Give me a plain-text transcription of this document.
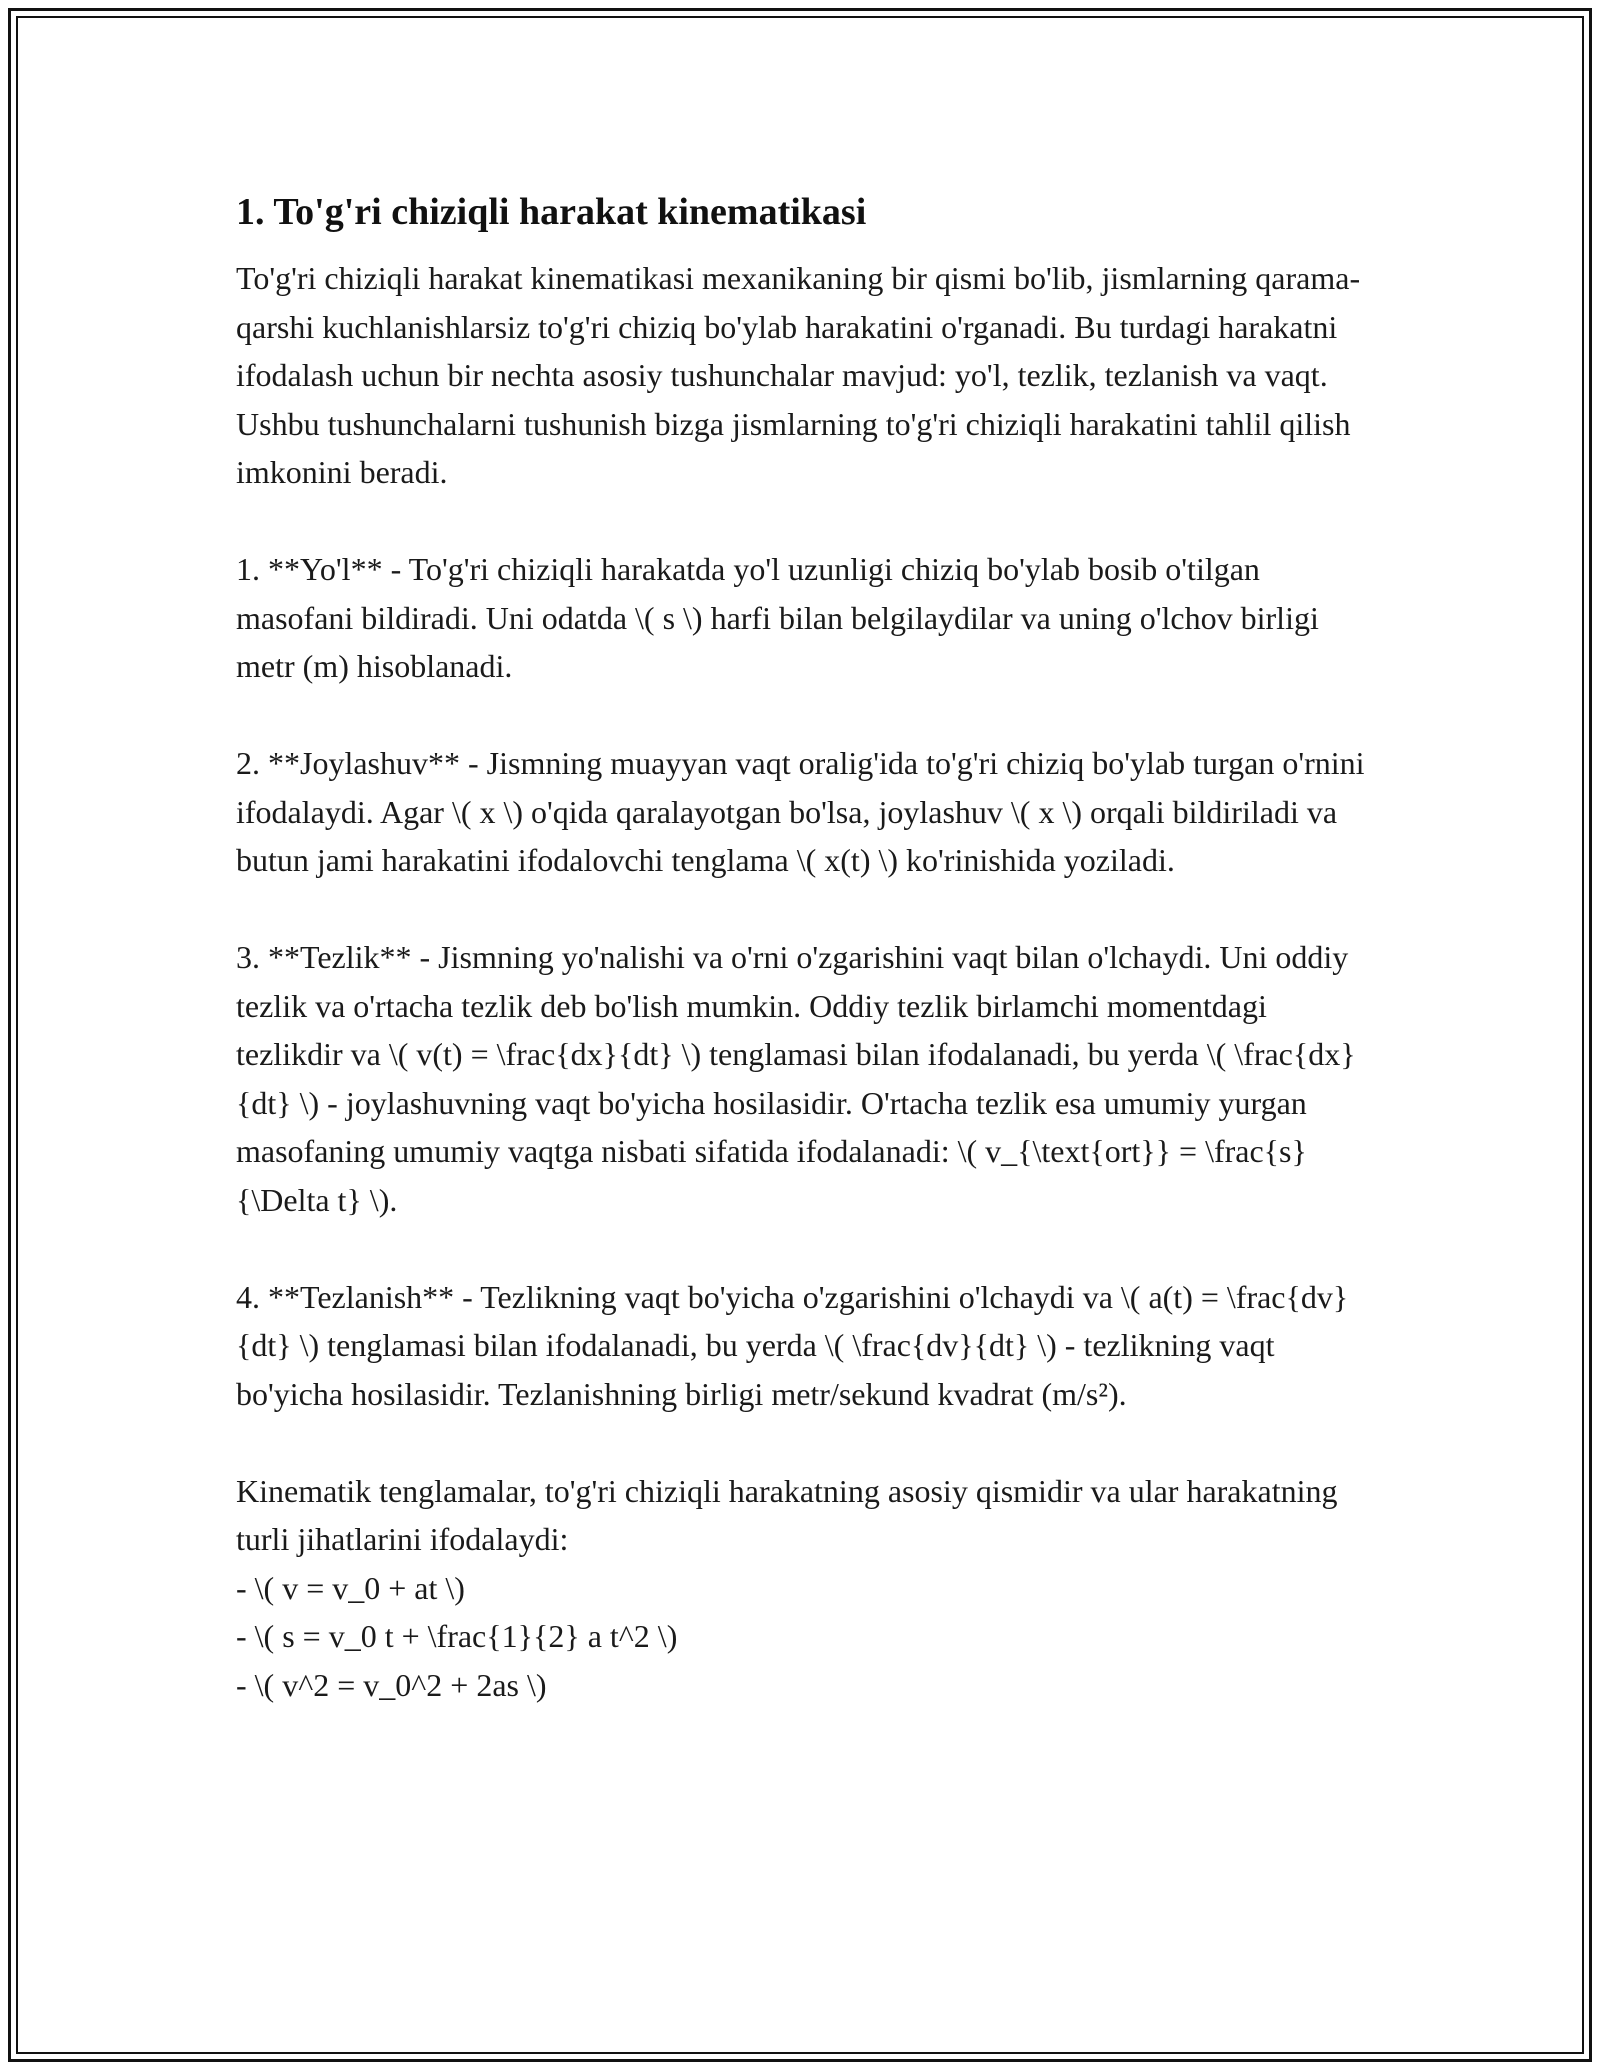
1. To'g'ri chiziqli harakat kinematikasi

To'g'ri chiziqli harakat kinematikasi mexanikaning bir qismi bo'lib, jismlarning qarama-qarshi kuchlanishlarsiz to'g'ri chiziq bo'ylab harakatini o'rganadi. Bu turdagi harakatni ifodalash uchun bir nechta asosiy tushunchalar mavjud: yo'l, tezlik, tezlanish va vaqt. Ushbu tushunchalarni tushunish bizga jismlarning to'g'ri chiziqli harakatini tahlil qilish imkonini beradi.

1. **Yo'l** - To'g'ri chiziqli harakatda yo'l uzunligi chiziq bo'ylab bosib o'tilgan masofani bildiradi. Uni odatda \( s \) harfi bilan belgilaydilar va uning o'lchov birligi metr (m) hisoblanadi.

2. **Joylashuv** - Jismning muayyan vaqt oralig'ida to'g'ri chiziq bo'ylab turgan o'rnini ifodalaydi. Agar \( x \) o'qida qaralayotgan bo'lsa, joylashuv \( x \) orqali bildiriladi va butun jami harakatini ifodalovchi tenglama \( x(t) \) ko'rinishida yoziladi.

3. **Tezlik** - Jismning yo'nalishi va o'rni o'zgarishini vaqt bilan o'lchaydi. Uni oddiy tezlik va o'rtacha tezlik deb bo'lish mumkin. Oddiy tezlik birlamchi momentdagi tezlikdir va \( v(t) = \frac{dx}{dt} \) tenglamasi bilan ifodalanadi, bu yerda \( \frac{dx}{dt} \) - joylashuvning vaqt bo'yicha hosilasidir. O'rtacha tezlik esa umumiy yurgan masofaning umumiy vaqtga nisbati sifatida ifodalanadi: \( v_{\text{ort}} = \frac{s}{\Delta t} \).

4. **Tezlanish** - Tezlikning vaqt bo'yicha o'zgarishini o'lchaydi va \( a(t) = \frac{dv}{dt} \) tenglamasi bilan ifodalanadi, bu yerda \( \frac{dv}{dt} \) - tezlikning vaqt bo'yicha hosilasidir. Tezlanishning birligi metr/sekund kvadrat (m/s²).

Kinematik tenglamalar, to'g'ri chiziqli harakatning asosiy qismidir va ular harakatning turli jihatlarini ifodalaydi:

- \( v = v_0 + at \)
- \( s = v_0 t + \frac{1}{2} a t^2 \)
- \( v^2 = v_0^2 + 2as \)
